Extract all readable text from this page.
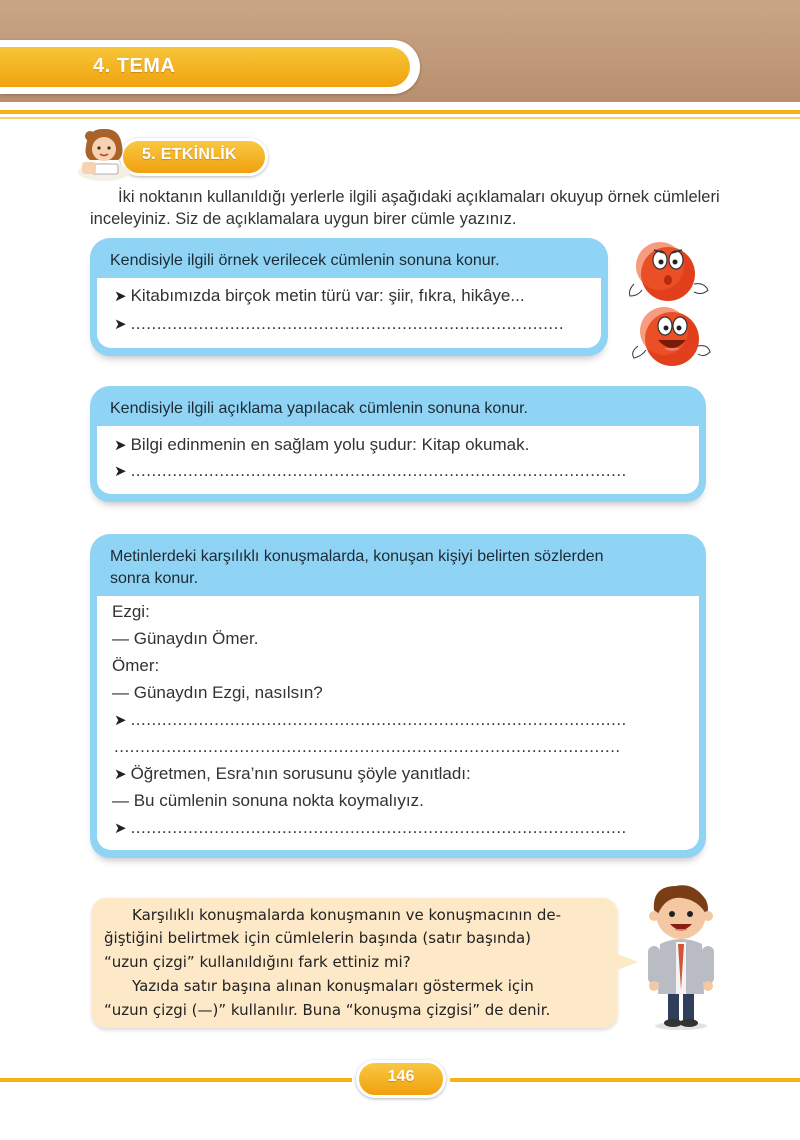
4. TEMA
5. ETKİNLİK
İki noktanın kullanıldığı yerlerle ilgili aşağıdaki açıklamaları okuyup örnek cümleleri inceleyiniz. Siz de açıklamalara uygun birer cümle yazınız.
Kendisiyle ilgili örnek verilecek cümlenin sonuna konur.
➤ Kitabımızda birçok metin türü var: şiir, fıkra, hikâye...
➤ ...................................................................................
Kendisiyle ilgili açıklama yapılacak cümlenin sonuna konur.
➤ Bilgi edinmenin en sağlam yolu şudur: Kitap okumak.
➤ ...............................................................................................
Metinlerdeki karşılıklı konuşmalarda, konuşan kişiyi belirten sözlerden
sonra konur.
Ezgi:
— Günaydın Ömer.
Ömer:
— Günaydın Ezgi, nasılsın?
➤ ...............................................................................................
.................................................................................................
➤ Öğretmen, Esra’nın sorusunu şöyle yanıtladı:
— Bu cümlenin sonuna nokta koymalıyız.
➤ ...............................................................................................
Karşılıklı konuşmalarda konuşmanın ve konuşmacının de-
ğiştiğini belirtmek için cümlelerin başında (satır başında)
“uzun çizgi” kullanıldığını fark ettiniz mi?
Yazıda satır başına alınan konuşmaları göstermek için
“uzun çizgi (—)” kullanılır. Buna “konuşma çizgisi” de denir.
146
